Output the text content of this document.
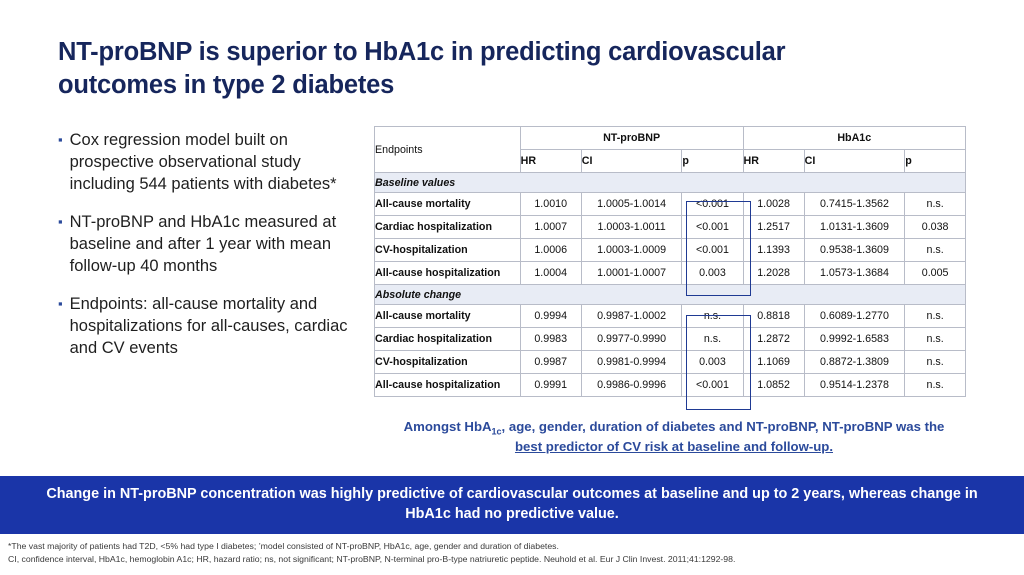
NT-proBNP is superior to HbA1c in predicting cardiovascular outcomes in type 2 diabetes
▪ Cox regression model built on prospective observational study including 544 patients with diabetes*
▪ NT-proBNP and HbA1c measured at baseline and after 1 year with mean follow-up 40 months
▪ Endpoints: all-cause mortality and hospitalizations for all-causes, cardiac and CV events
Endpoints	NT-proBNP			HbA1c		
	HR	CI	p	HR	CI	p
Baseline values						
All-cause mortality	1.0010	1.0005-1.0014	<0.001	1.0028	0.7415-1.3562	n.s.
Cardiac hospitalization	1.0007	1.0003-1.0011	<0.001	1.2517	1.0131-1.3609	0.038
CV-hospitalization	1.0006	1.0003-1.0009	<0.001	1.1393	0.9538-1.3609	n.s.
All-cause hospitalization	1.0004	1.0001-1.0007	0.003	1.2028	1.0573-1.3684	0.005
Absolute change						
All-cause mortality	0.9994	0.9987-1.0002	n.s.	0.8818	0.6089-1.2770	n.s.
Cardiac hospitalization	0.9983	0.9977-0.9990	n.s.	1.2872	0.9992-1.6583	n.s.
CV-hospitalization	0.9987	0.9981-0.9994	0.003	1.1069	0.8872-1.3809	n.s.
All-cause hospitalization	0.9991	0.9986-0.9996	<0.001	1.0852	0.9514-1.2378	n.s.
Amongst HbA$_{1c}$, age, gender, duration of diabetes and NT-proBNP, NT-proBNP was the
best predictor of CV risk at baseline and follow-up.
Change in NT-proBNP concentration was highly predictive of cardiovascular outcomes at baseline and up to 2 years, whereas change in HbA1c had no predictive value.
*The vast majority of patients had T2D, <5% had type I diabetes; ’model consisted of NT-proBNP, HbA1c, age, gender and duration of diabetes.
CI, confidence interval, HbA1c, hemoglobin A1c; HR, hazard ratio; ns, not significant; NT-proBNP, N-terminal pro-B-type natriuretic peptide. Neuhold et al. Eur J Clin Invest. 2011;41:1292-98.
